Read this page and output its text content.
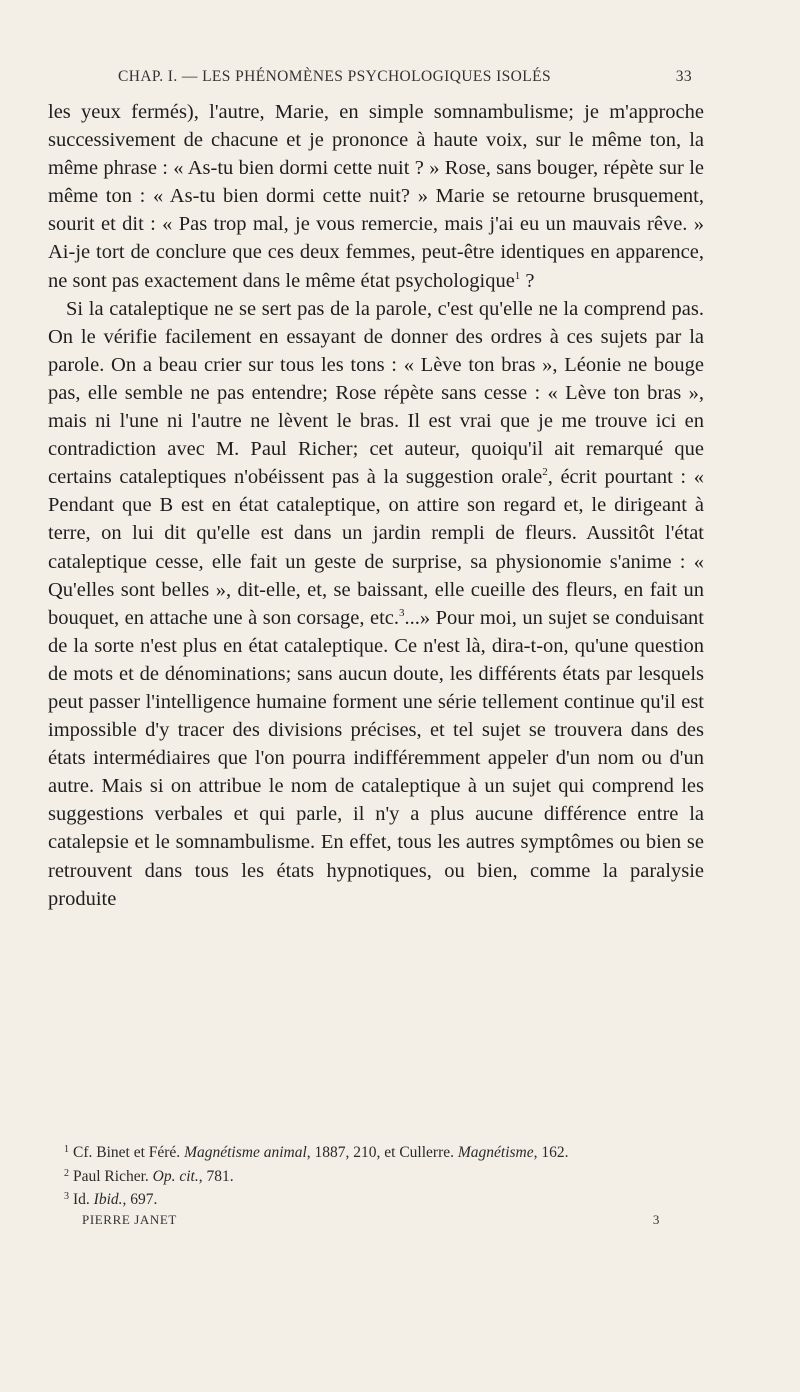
CHAP. I. — LES PHÉNOMÈNES PSYCHOLOGIQUES ISOLÉS	33

les yeux fermés), l'autre, Marie, en simple somnambulisme; je m'approche successivement de chacune et je prononce à haute voix, sur le même ton, la même phrase : « As-tu bien dormi cette nuit ? » Rose, sans bouger, répète sur le même ton : « As-tu bien dormi cette nuit? » Marie se retourne brusquement, sourit et dit : « Pas trop mal, je vous remercie, mais j'ai eu un mauvais rêve. » Ai-je tort de conclure que ces deux femmes, peut-être identiques en apparence, ne sont pas exactement dans le même état psychologique$^1$ ?

Si la cataleptique ne se sert pas de la parole, c'est qu'elle ne la comprend pas. On le vérifie facilement en essayant de donner des ordres à ces sujets par la parole. On a beau crier sur tous les tons : « Lève ton bras », Léonie ne bouge pas, elle semble ne pas entendre; Rose répète sans cesse : « Lève ton bras », mais ni l'une ni l'autre ne lèvent le bras. Il est vrai que je me trouve ici en contradiction avec M. Paul Richer; cet auteur, quoiqu'il ait remarqué que certains cataleptiques n'obéissent pas à la suggestion orale$^2$, écrit pourtant : « Pendant que B est en état cataleptique, on attire son regard et, le dirigeant à terre, on lui dit qu'elle est dans un jardin rempli de fleurs. Aussitôt l'état cataleptique cesse, elle fait un geste de surprise, sa physionomie s'anime : « Qu'elles sont belles », dit-elle, et, se baissant, elle cueille des fleurs, en fait un bouquet, en attache une à son corsage, etc.$^3$...» Pour moi, un sujet se conduisant de la sorte n'est plus en état cataleptique. Ce n'est là, dira-t-on, qu'une question de mots et de dénominations; sans aucun doute, les différents états par lesquels peut passer l'intelligence humaine forment une série tellement continue qu'il est impossible d'y tracer des divisions précises, et tel sujet se trouvera dans des états intermédiaires que l'on pourra indifféremment appeler d'un nom ou d'un autre. Mais si on attribue le nom de cataleptique à un sujet qui comprend les suggestions verbales et qui parle, il n'y a plus aucune différence entre la catalepsie et le somnambulisme. En effet, tous les autres symptômes ou bien se retrouvent dans tous les états hypnotiques, ou bien, comme la paralysie produite

$^1$ Cf. Binet et Féré. Magnétisme animal, 1887, 210, et Cullerre. Magnétisme, 162.

$^2$ Paul Richer. Op. cit., 781.

$^3$ Id. Ibid., 697.

PIERRE JANET	3
